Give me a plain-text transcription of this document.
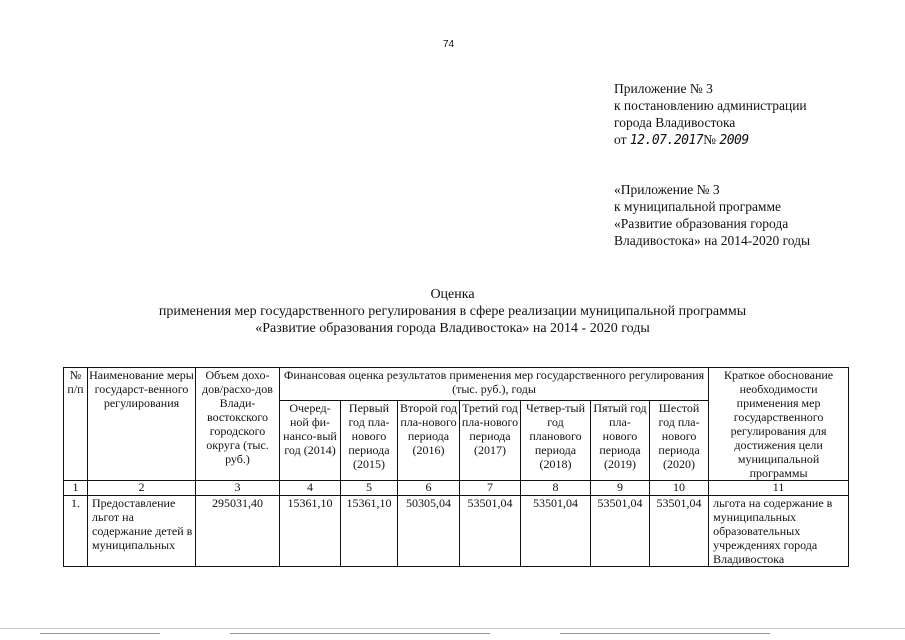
74
Приложение № 3
к постановлению администрации
города Владивостока
от 12.07.2017№ 2009
«Приложение № 3
к муниципальной программе
«Развитие образования города
Владивостока» на 2014-2020 годы
Оценка
применения мер государственного регулирования в сфере реализации муниципальной программы
«Развитие образования города Владивостока» на 2014 - 2020 годы
№ п/п	Наименование меры государст-венного регулирования	Объем дохо-дов/расхо-дов Влади-востокского городского округа (тыс. руб.)	Финансовая оценка результатов применения мер государственного регулирования (тыс. руб.), годы							Краткое обоснование необходимости применения мер государственного регулирования для достижения цели муниципальной программы
			Очеред-ной фи-нансо-вый год (2014)	Первый год пла-нового периода (2015)	Второй год пла-нового периода (2016)	Третий год пла-нового периода (2017)	Четвер-тый год планового периода (2018)	Пятый год пла-нового периода (2019)	Шестой год пла-нового периода (2020)	
1	2	3	4	5	6	7	8	9	10	11
1.	Предоставление льгот на содержание детей в муниципальных	295031,40	15361,10	15361,10	50305,04	53501,04	53501,04	53501,04	53501,04	льгота на содержание в муниципальных образовательных учреждениях города Владивостока
